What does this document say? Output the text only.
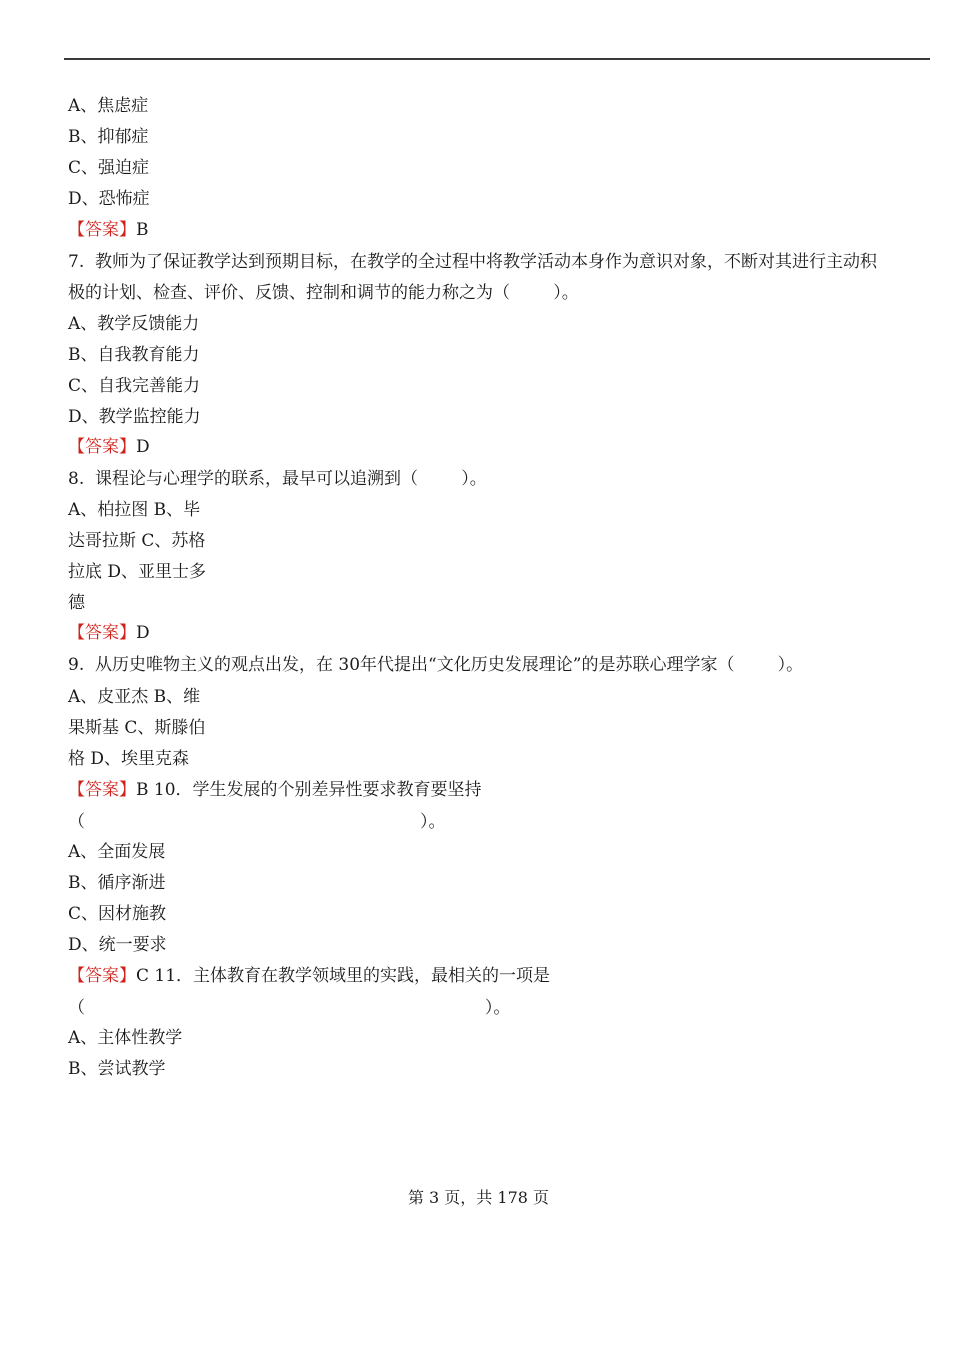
A、焦虑症
B、抑郁症
C、强迫症
D、恐怖症
【答案】B
7.  教师为了保证教学达到预期目标，在教学的全过程中将教学活动本身作为意识对象，不断对其进行主动积
极的计划、检查、评价、反馈、控制和调节的能力称之为（        ）。
A、教学反馈能力
B、自我教育能力
C、自我完善能力
D、教学监控能力
【答案】D
8.  课程论与心理学的联系，最早可以追溯到（        ）。
A、柏拉图 B、毕
达哥拉斯 C、苏格
拉底 D、亚里士多
德
【答案】D
9.  从历史唯物主义的观点出发，在 30年代提出“文化历史发展理论”的是苏联心理学家（        ）。
A、皮亚杰 B、维
果斯基 C、斯滕伯
格 D、埃里克森
【答案】B 10．学生发展的个别差异性要求教育要坚持
（                                                              ）。
A、全面发展
B、循序渐进
C、因材施教
D、统一要求
【答案】C 11．主体教育在教学领域里的实践，最相关的一项是
（                                                                          ）。
A、主体性教学
B、尝试教学
第 3 页，共 178 页
